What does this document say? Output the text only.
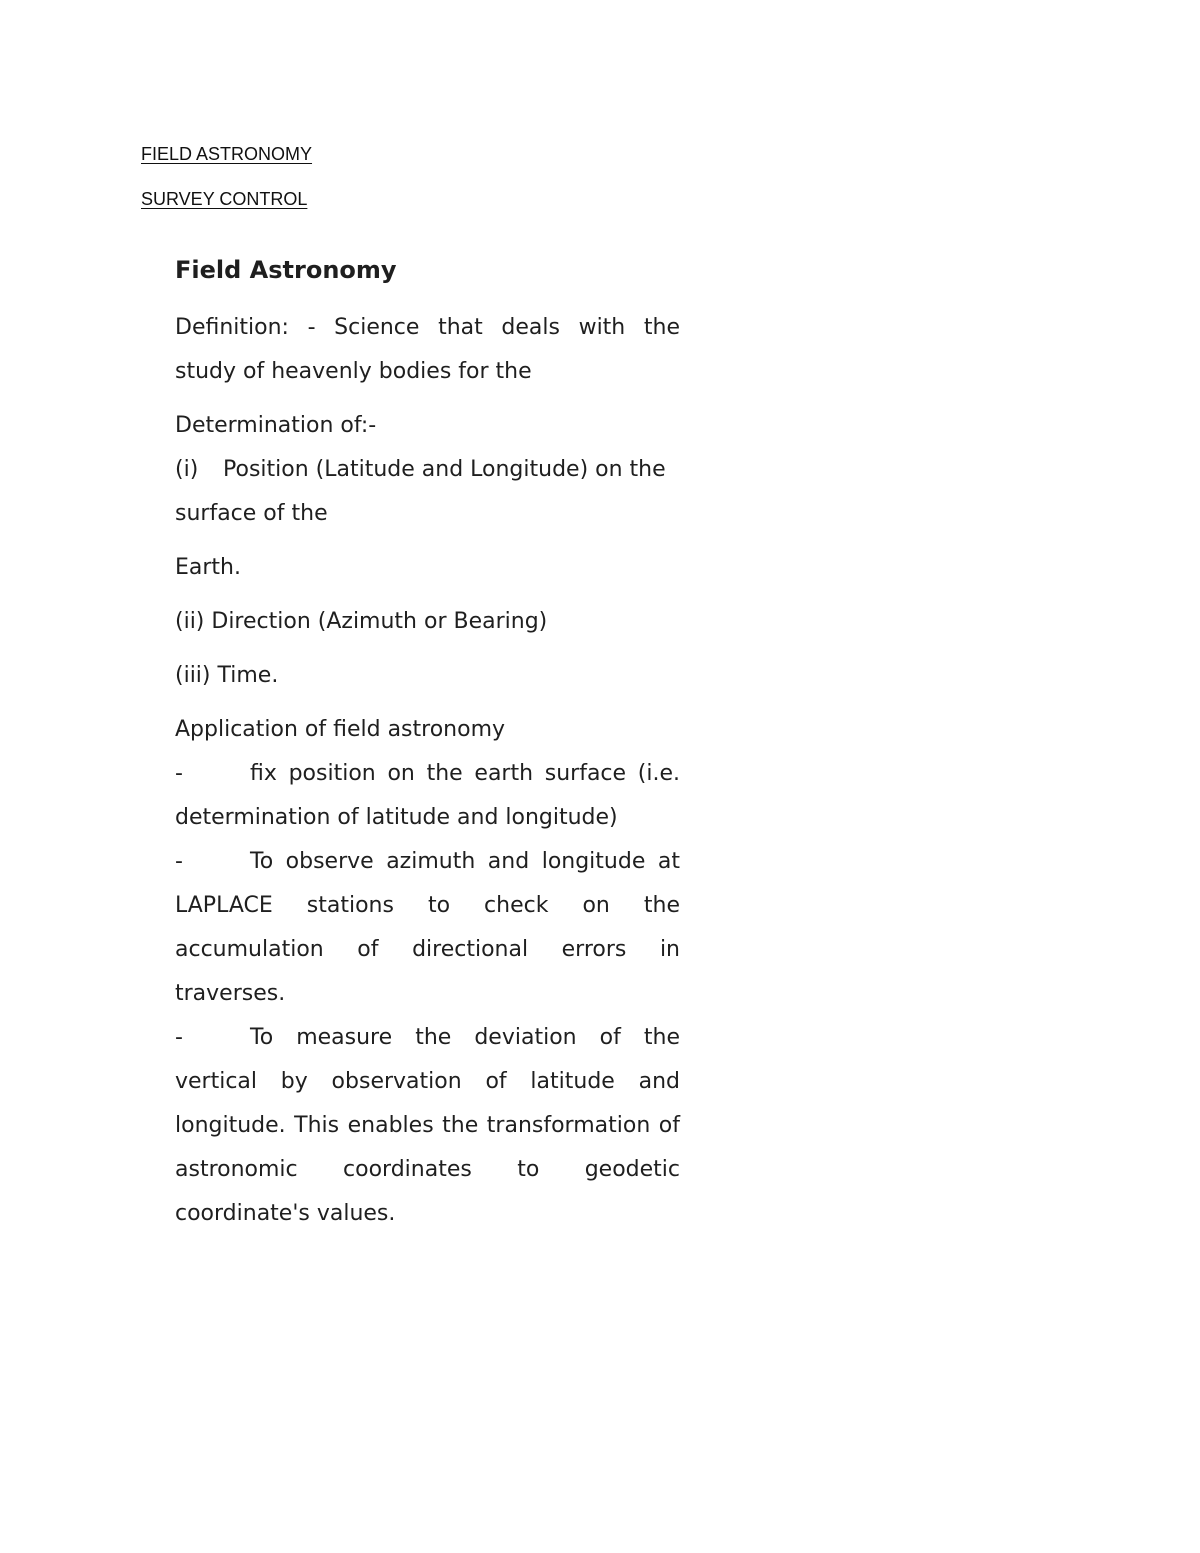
FIELD ASTRONOMY

SURVEY CONTROL

Field Astronomy

Definition: - Science that deals with the

study of heavenly bodies for the

Determination of:-

(i)	Position (Latitude and Longitude) on the

surface of the

Earth.

(ii) Direction (Azimuth or Bearing)

(iii) Time.

Application of field astronomy

-	fix position on the earth surface (i.e.

determination of latitude and longitude)

-	To observe azimuth and longitude at

LAPLACE stations to check on the

accumulation of directional errors in

traverses.

-	To measure the deviation of the

vertical by observation of latitude and

longitude. This enables the transformation of

astronomic coordinates to geodetic

coordinate's values.
